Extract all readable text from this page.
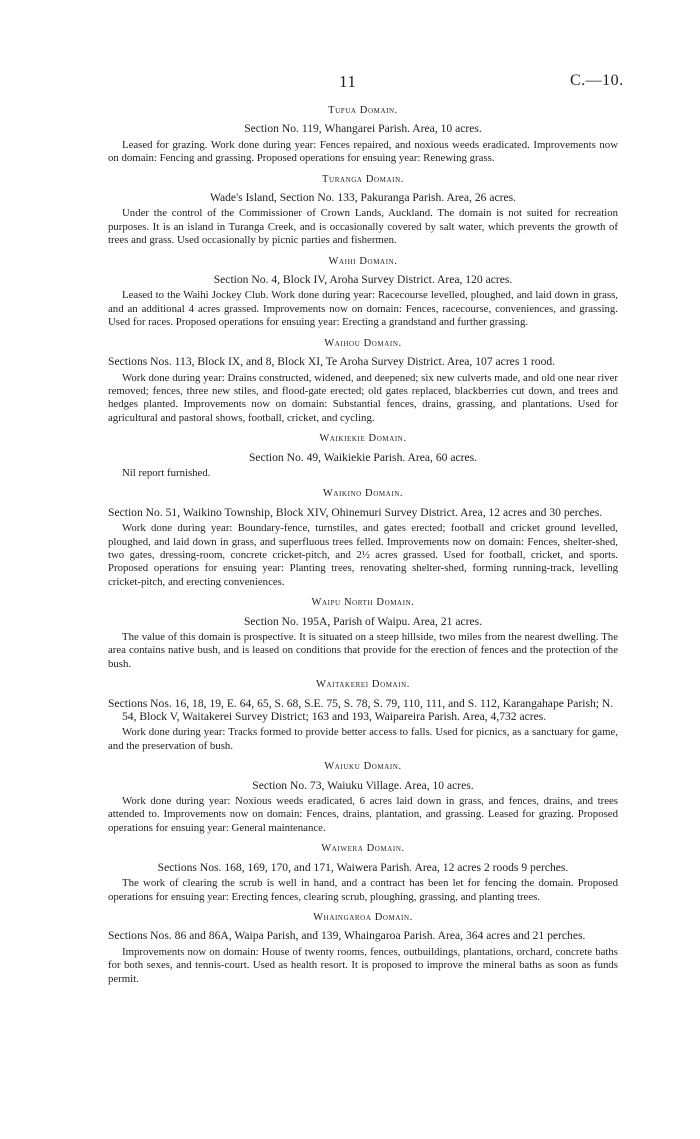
11	C.—10.
Tupua Domain.
Section No. 119, Whangarei Parish. Area, 10 acres.
Leased for grazing. Work done during year: Fences repaired, and noxious weeds eradicated. Improvements now on domain: Fencing and grassing. Proposed operations for ensuing year: Renewing grass.
Turanga Domain.
Wade's Island, Section No. 133, Pakuranga Parish. Area, 26 acres.
Under the control of the Commissioner of Crown Lands, Auckland. The domain is not suited for recreation purposes. It is an island in Turanga Creek, and is occasionally covered by salt water, which prevents the growth of trees and grass. Used occasionally by picnic parties and fishermen.
Waihi Domain.
Section No. 4, Block IV, Aroha Survey District. Area, 120 acres.
Leased to the Waihi Jockey Club. Work done during year: Racecourse levelled, ploughed, and laid down in grass, and an additional 4 acres grassed. Improvements now on domain: Fences, racecourse, conveniences, and grassing. Used for races. Proposed operations for ensuing year: Erecting a grandstand and further grassing.
Waihou Domain.
Sections Nos. 113, Block IX, and 8, Block XI, Te Aroha Survey District. Area, 107 acres 1 rood.
Work done during year: Drains constructed, widened, and deepened; six new culverts made, and old one near river removed; fences, three new stiles, and flood-gate erected; old gates replaced, blackberries cut down, and trees and hedges planted. Improvements now on domain: Substantial fences, drains, grassing, and plantations. Used for agricultural and pastoral shows, football, cricket, and cycling.
Waikiekie Domain.
Section No. 49, Waikiekie Parish. Area, 60 acres.
Nil report furnished.
Waikino Domain.
Section No. 51, Waikino Township, Block XIV, Ohinemuri Survey District. Area, 12 acres and 30 perches.
Work done during year: Boundary-fence, turnstiles, and gates erected; football and cricket ground levelled, ploughed, and laid down in grass, and superfluous trees felled. Improvements now on domain: Fences, shelter-shed, two gates, dressing-room, concrete cricket-pitch, and 2½ acres grassed. Used for football, cricket, and sports. Proposed operations for ensuing year: Planting trees, renovating shelter-shed, forming running-track, levelling cricket-pitch, and erecting conveniences.
Waipu North Domain.
Section No. 195A, Parish of Waipu. Area, 21 acres.
The value of this domain is prospective. It is situated on a steep hillside, two miles from the nearest dwelling. The area contains native bush, and is leased on conditions that provide for the erection of fences and the protection of the bush.
Waitakerei Domain.
Sections Nos. 16, 18, 19, E. 64, 65, S. 68, S.E. 75, S. 78, S. 79, 110, 111, and S. 112, Karangahape Parish; N. 54, Block V, Waitakerei Survey District; 163 and 193, Waipareira Parish. Area, 4,732 acres.
Work done during year: Tracks formed to provide better access to falls. Used for picnics, as a sanctuary for game, and the preservation of bush.
Waiuku Domain.
Section No. 73, Waiuku Village. Area, 10 acres.
Work done during year: Noxious weeds eradicated, 6 acres laid down in grass, and fences, drains, and trees attended to. Improvements now on domain: Fences, drains, plantation, and grassing. Leased for grazing. Proposed operations for ensuing year: General maintenance.
Waiwera Domain.
Sections Nos. 168, 169, 170, and 171, Waiwera Parish. Area, 12 acres 2 roods 9 perches.
The work of clearing the scrub is well in hand, and a contract has been let for fencing the domain. Proposed operations for ensuing year: Erecting fences, clearing scrub, ploughing, grassing, and planting trees.
Whaingaroa Domain.
Sections Nos. 86 and 86A, Waipa Parish, and 139, Whaingaroa Parish. Area, 364 acres and 21 perches.
Improvements now on domain: House of twenty rooms, fences, outbuildings, plantations, orchard, concrete baths for both sexes, and tennis-court. Used as health resort. It is proposed to improve the mineral baths as soon as funds permit.
